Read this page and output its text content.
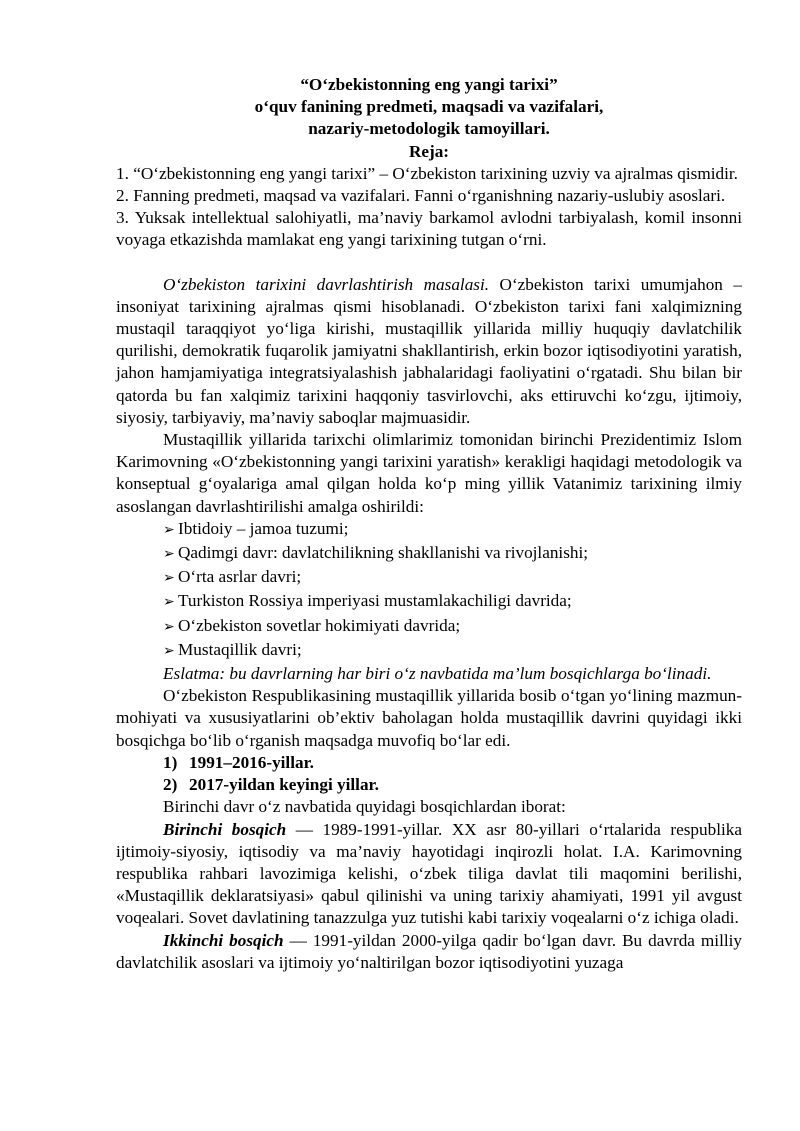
“O‘zbekistonning eng yangi tarixi”
o‘quv fanining predmeti, maqsadi va vazifalari,
nazariy-metodologik tamoyillari.
Reja:

1. “O‘zbekistonning eng yangi tarixi” – O‘zbekiston tarixining uzviy va ajralmas qismidir.

2. Fanning predmeti, maqsad va vazifalari. Fanni o‘rganishning nazariy-uslubiy asoslari.

3. Yuksak intellektual salohiyatli, ma’naviy barkamol avlodni tarbiyalash, komil insonni voyaga etkazishda mamlakat eng yangi tarixining tutgan o‘rni.

O‘zbekiston tarixini davrlashtirish masalasi. O‘zbekiston tarixi umumjahon – insoniyat tarixining ajralmas qismi hisoblanadi. O‘zbekiston tarixi fani xalqimizning mustaqil taraqqiyot yo‘liga kirishi, mustaqillik yillarida milliy huquqiy davlatchilik qurilishi, demokratik fuqarolik jamiyatni shakllantirish, erkin bozor iqtisodiyotini yaratish, jahon hamjamiyatiga integratsiyalashish jabhalaridagi faoliyatini o‘rgatadi. Shu bilan bir qatorda bu fan xalqimiz tarixini haqqoniy tasvirlovchi, aks ettiruvchi ko‘zgu, ijtimoiy, siyosiy, tarbiyaviy, ma’naviy saboqlar majmuasidir.

Mustaqillik yillarida tarixchi olimlarimiz tomonidan birinchi Prezidentimiz Islom Karimovning «O‘zbekistonning yangi tarixini yaratish» kerakligi haqidagi metodologik va konseptual g‘oyalariga amal qilgan holda ko‘p ming yillik Vatanimiz tarixining ilmiy asoslangan davrlashtirilishi amalga oshirildi:

➢ Ibtidoiy – jamoa tuzumi;
➢ Qadimgi davr: davlatchilikning shakllanishi va rivojlanishi;
➢ O‘rta asrlar davri;
➢ Turkiston Rossiya imperiyasi mustamlakachiligi davrida;
➢ O‘zbekiston sovetlar hokimiyati davrida;
➢ Mustaqillik davri;

Eslatma: bu davrlarning har biri o‘z navbatida ma’lum bosqichlarga bo‘linadi.

O‘zbekiston Respublikasining mustaqillik yillarida bosib o‘tgan yo‘lining mazmun-mohiyati va xususiyatlarini ob’ektiv baholagan holda mustaqillik davrini quyidagi ikki bosqichga bo‘lib o‘rganish maqsadga muvofiq bo‘lar edi.

1) 1991–2016-yillar.
2) 2017-yildan keyingi yillar.

Birinchi davr o‘z navbatida quyidagi bosqichlardan iborat:

Birinchi bosqich — 1989-1991-yillar. XX asr 80-yillari o‘rtalarida respublika ijtimoiy-siyosiy, iqtisodiy va ma’naviy hayotidagi inqirozli holat. I.A. Karimovning respublika rahbari lavozimiga kelishi, o‘zbek tiliga davlat tili maqomini berilishi, «Mustaqillik deklaratsiyasi» qabul qilinishi va uning tarixiy ahamiyati, 1991 yil avgust voqealari. Sovet davlatining tanazzulga yuz tutishi kabi tarixiy voqealarni o‘z ichiga oladi.

Ikkinchi bosqich — 1991-yildan 2000-yilga qadir bo‘lgan davr. Bu davrda milliy davlatchilik asoslari va ijtimoiy yo‘naltirilgan bozor iqtisodiyotini yuzaga
